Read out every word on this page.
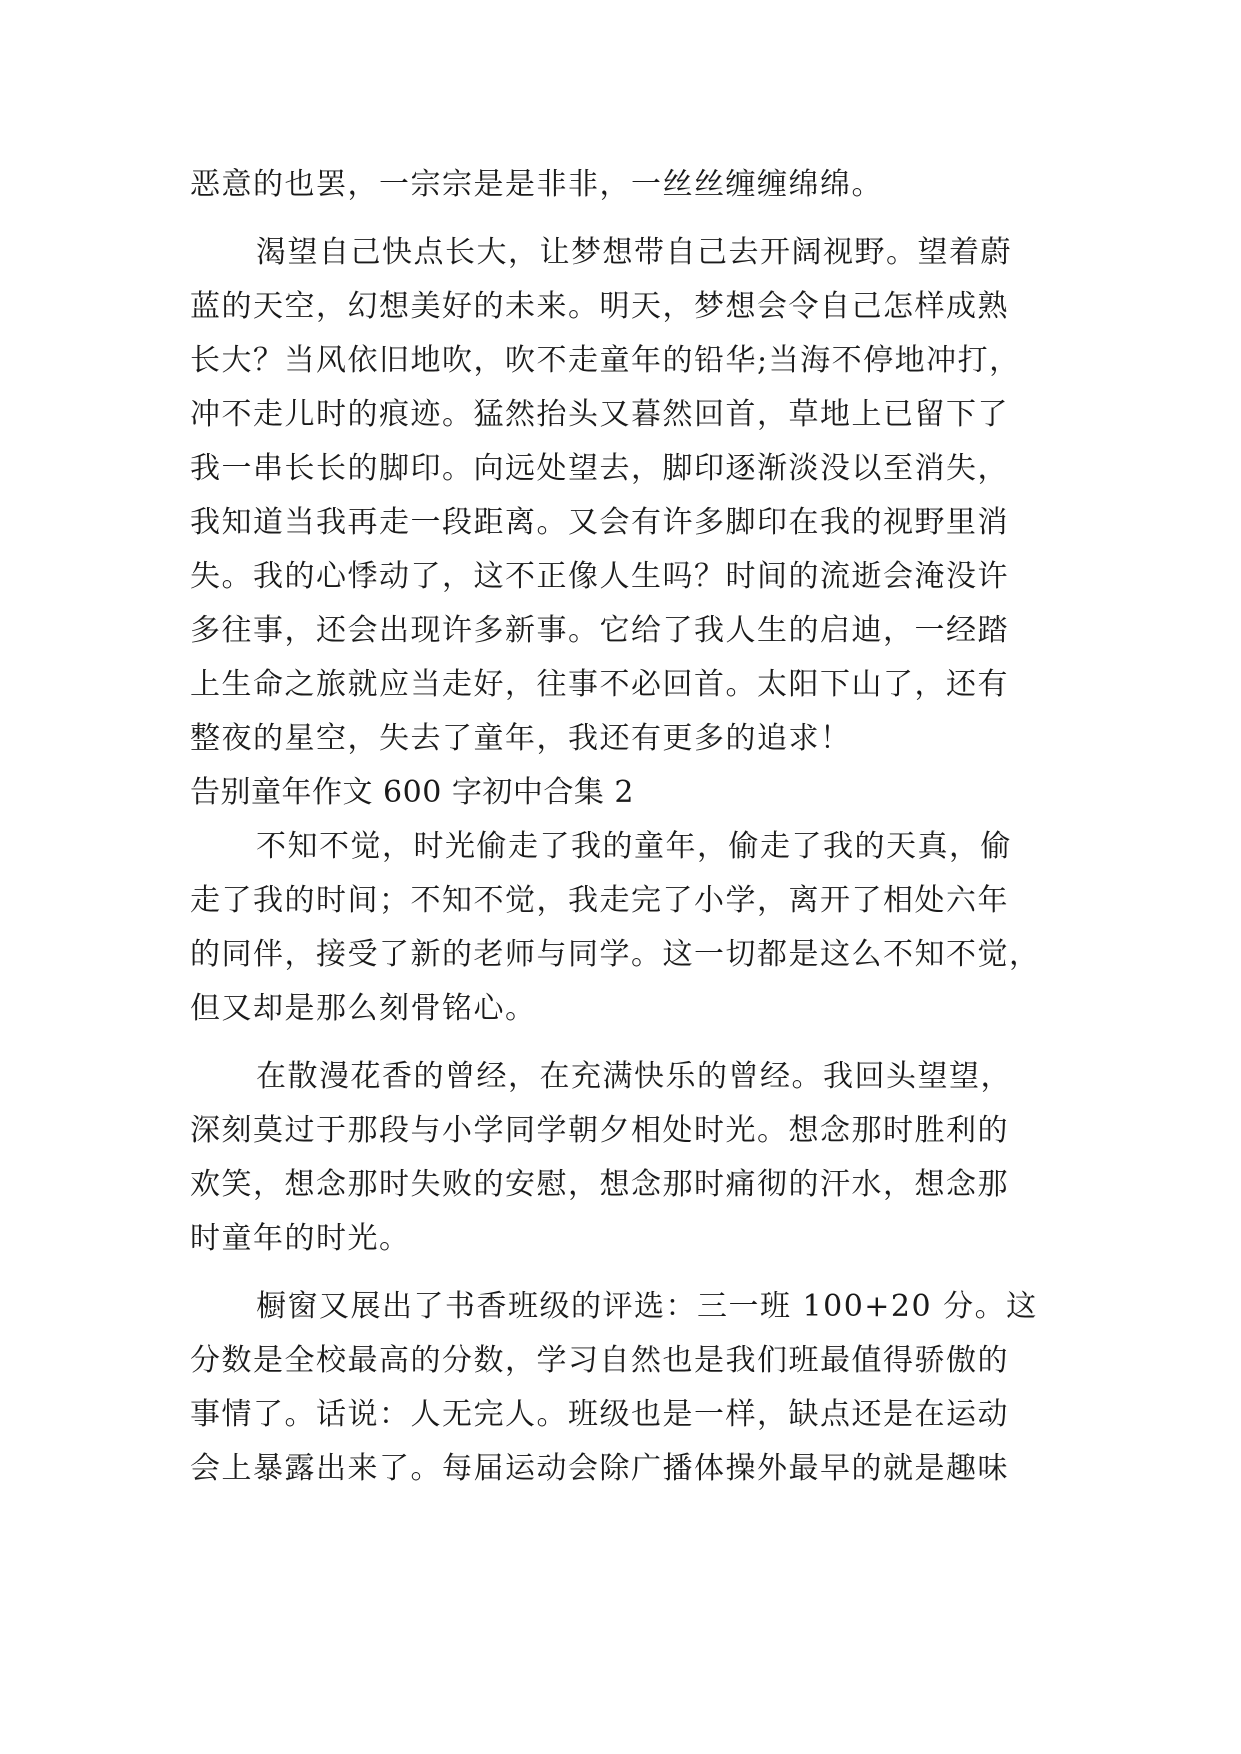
恶意的也罢，一宗宗是是非非，一丝丝缠缠绵绵。
渴望自己快点长大，让梦想带自己去开阔视野。望着蔚
蓝的天空，幻想美好的未来。明天，梦想会令自己怎样成熟
长大？当风依旧地吹，吹不走童年的铅华;当海不停地冲打，
冲不走儿时的痕迹。猛然抬头又暮然回首，草地上已留下了
我一串长长的脚印。向远处望去，脚印逐渐淡没以至消失，
我知道当我再走一段距离。又会有许多脚印在我的视野里消
失。我的心悸动了，这不正像人生吗？时间的流逝会淹没许
多往事，还会出现许多新事。它给了我人生的启迪，一经踏
上生命之旅就应当走好，往事不必回首。太阳下山了，还有
整夜的星空，失去了童年，我还有更多的追求！
告别童年作文 600 字初中合集 2
不知不觉，时光偷走了我的童年，偷走了我的天真，偷
走了我的时间；不知不觉，我走完了小学，离开了相处六年
的同伴，接受了新的老师与同学。这一切都是这么不知不觉，
但又却是那么刻骨铭心。
在散漫花香的曾经，在充满快乐的曾经。我回头望望，
深刻莫过于那段与小学同学朝夕相处时光。想念那时胜利的
欢笑，想念那时失败的安慰，想念那时痛彻的汗水，想念那
时童年的时光。
橱窗又展出了书香班级的评选：三一班 100+20 分。这
分数是全校最高的分数，学习自然也是我们班最值得骄傲的
事情了。话说：人无完人。班级也是一样，缺点还是在运动
会上暴露出来了。每届运动会除广播体操外最早的就是趣味
